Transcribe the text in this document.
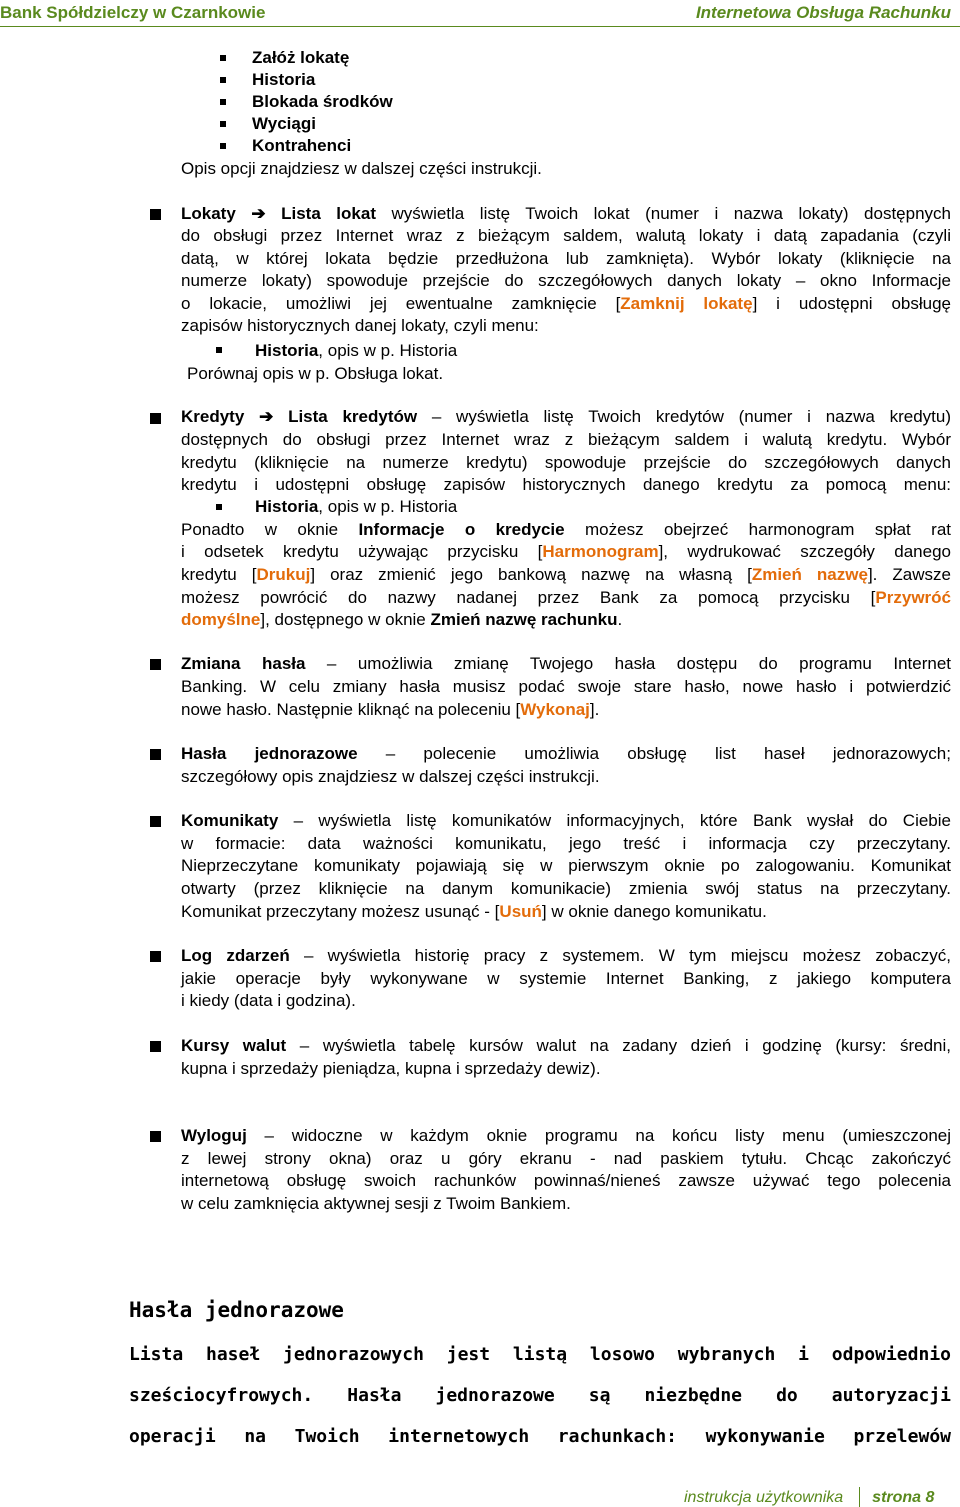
Bank Spółdzielczy w Czarnkowie	Internetowa Obsługa Rachunku
Załóż lokatę
Historia
Blokada środków
Wyciągi
Kontrahenci
Opis opcji znajdziesz w dalszej części instrukcji.
Lokaty ➔ Lista lokat wyświetla listę Twoich lokat (numer i nazwa lokaty) dostępnych
do obsługi przez Internet wraz z bieżącym saldem, walutą lokaty i datą zapadania (czyli
datą, w której lokata będzie przedłużona lub zamknięta). Wybór lokaty (kliknięcie na
numerze lokaty) spowoduje przejście do szczegółowych danych lokaty – okno Informacje
o lokacie, umożliwi jej ewentualne zamknięcie [Zamknij lokatę] i udostępni obsługę
zapisów historycznych danej lokaty, czyli menu:
Historia, opis w p. Historia
Porównaj opis w p. Obsługa lokat.
Kredyty ➔ Lista kredytów – wyświetla listę Twoich kredytów (numer i nazwa kredytu)
dostępnych do obsługi przez Internet wraz z bieżącym saldem i walutą kredytu. Wybór
kredytu (kliknięcie na numerze kredytu) spowoduje przejście do szczegółowych danych
kredytu i udostępni obsługę zapisów historycznych danego kredytu za pomocą menu:
Historia, opis w p. Historia
Ponadto w oknie Informacje o kredycie możesz obejrzeć harmonogram spłat rat
i odsetek kredytu używając przycisku [Harmonogram], wydrukować szczegóły danego
kredytu [Drukuj] oraz zmienić jego bankową nazwę na własną [Zmień nazwę]. Zawsze
możesz powrócić do nazwy nadanej przez Bank za pomocą przycisku [Przywróć
domyślne], dostępnego w oknie Zmień nazwę rachunku.
Zmiana hasła – umożliwia zmianę Twojego hasła dostępu do programu Internet
Banking. W celu zmiany hasła musisz podać swoje stare hasło, nowe hasło i potwierdzić
nowe hasło. Następnie kliknąć na poleceniu [Wykonaj].
Hasła jednorazowe – polecenie umożliwia obsługę list haseł jednorazowych;
szczegółowy opis znajdziesz w dalszej części instrukcji.
Komunikaty – wyświetla listę komunikatów informacyjnych, które Bank wysłał do Ciebie
w formacie: data ważności komunikatu, jego treść i informacja czy przeczytany.
Nieprzeczytane komunikaty pojawiają się w pierwszym oknie po zalogowaniu. Komunikat
otwarty (przez kliknięcie na danym komunikacie) zmienia swój status na przeczytany.
Komunikat przeczytany możesz usunąć - [Usuń] w oknie danego komunikatu.
Log zdarzeń – wyświetla historię pracy z systemem. W tym miejscu możesz zobaczyć,
jakie operacje były wykonywane w systemie Internet Banking, z jakiego komputera
i kiedy (data i godzina).
Kursy walut – wyświetla tabelę kursów walut na zadany dzień i godzinę (kursy: średni,
kupna i sprzedaży pieniądza, kupna i sprzedaży dewiz).
Wyloguj – widoczne w każdym oknie programu na końcu listy menu (umieszczonej
z lewej strony okna) oraz u góry ekranu - nad paskiem tytułu. Chcąc zakończyć
internetową obsługę swoich rachunków powinnaś/nieneś zawsze używać tego polecenia
w celu zamknięcia aktywnej sesji z Twoim Bankiem.
Hasła jednorazowe
Lista haseł jednorazowych jest listą losowo wybranych i odpowiednio
sześciocyfrowych. Hasła jednorazowe są niezbędne do autoryzacji
operacji na Twoich internetowych rachunkach: wykonywanie przelewów
instrukcja użytkownika strona 8
